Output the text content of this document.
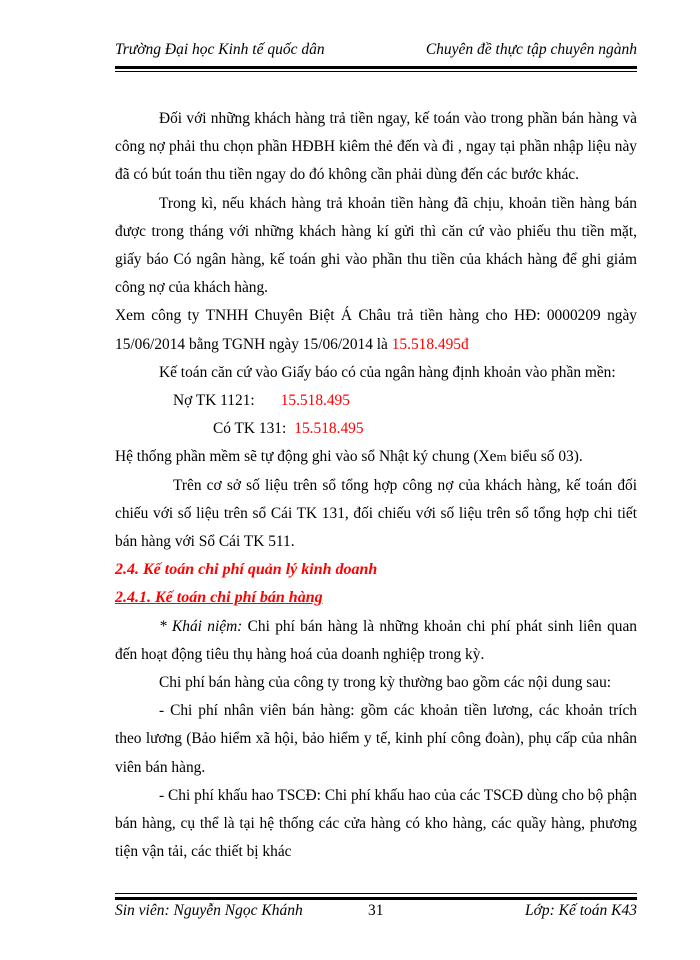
Trường Đại học Kinh tế quốc dân	Chuyên đề thực tập chuyên ngành

Đối với những khách hàng trả tiền ngay, kế toán vào trong phần bán hàng và công nợ phải thu chọn phần HĐBH kiêm thẻ đến và đi , ngay tại phần nhập liệu này đã có bút toán thu tiền ngay do đó không cần phải dùng đến các bước khác.

Trong kì, nếu khách hàng trả khoản tiền hàng đã chịu, khoản tiền hàng bán được trong tháng với những khách hàng kí gửi thì căn cứ vào phiếu thu tiền mặt, giấy báo Có ngân hàng, kế toán ghi vào phần thu tiền của khách hàng để ghi giảm công nợ của khách hàng.

Xem công ty TNHH Chuyên Biệt Á Châu trả tiền hàng cho HĐ: 0000209 ngày 15/06/2014 bằng TGNH ngày 15/06/2014 là 15.518.495đ

Kế toán căn cứ vào Giấy báo có của ngân hàng định khoản vào phần mền:

Nợ TK 1121: 15.518.495

Có TK 131: 15.518.495

Hệ thống phần mềm sẽ tự động ghi vào sổ Nhật ký chung (Xem biểu số 03).

Trên cơ sở số liệu trên sổ tổng hợp công nợ của khách hàng, kế toán đối chiếu với số liệu trên sổ Cái TK 131, đối chiếu với số liệu trên sổ tổng hợp chi tiết bán hàng với Sổ Cái TK 511.

2.4. Kế toán chi phí quản lý kinh doanh

2.4.1. Kế toán chi phí bán hàng

* Khái niệm: Chi phí bán hàng là những khoản chi phí phát sinh liên quan đến hoạt động tiêu thụ hàng hoá của doanh nghiệp trong kỳ.

Chi phí bán hàng của công ty trong kỳ thường bao gồm các nội dung sau:

- Chi phí nhân viên bán hàng: gồm các khoản tiền lương, các khoản trích theo lương (Bảo hiểm xã hội, bảo hiểm y tế, kinh phí công đoàn), phụ cấp của nhân viên bán hàng.

- Chi phí khấu hao TSCĐ: Chi phí khấu hao của các TSCĐ dùng cho bộ phận bán hàng, cụ thể là tại hệ thống các cửa hàng có kho hàng, các quầy hàng, phương tiện vận tải, các thiết bị khác

Sin viên: Nguyễn Ngọc Khánh	31	Lớp: Kế toán K43
